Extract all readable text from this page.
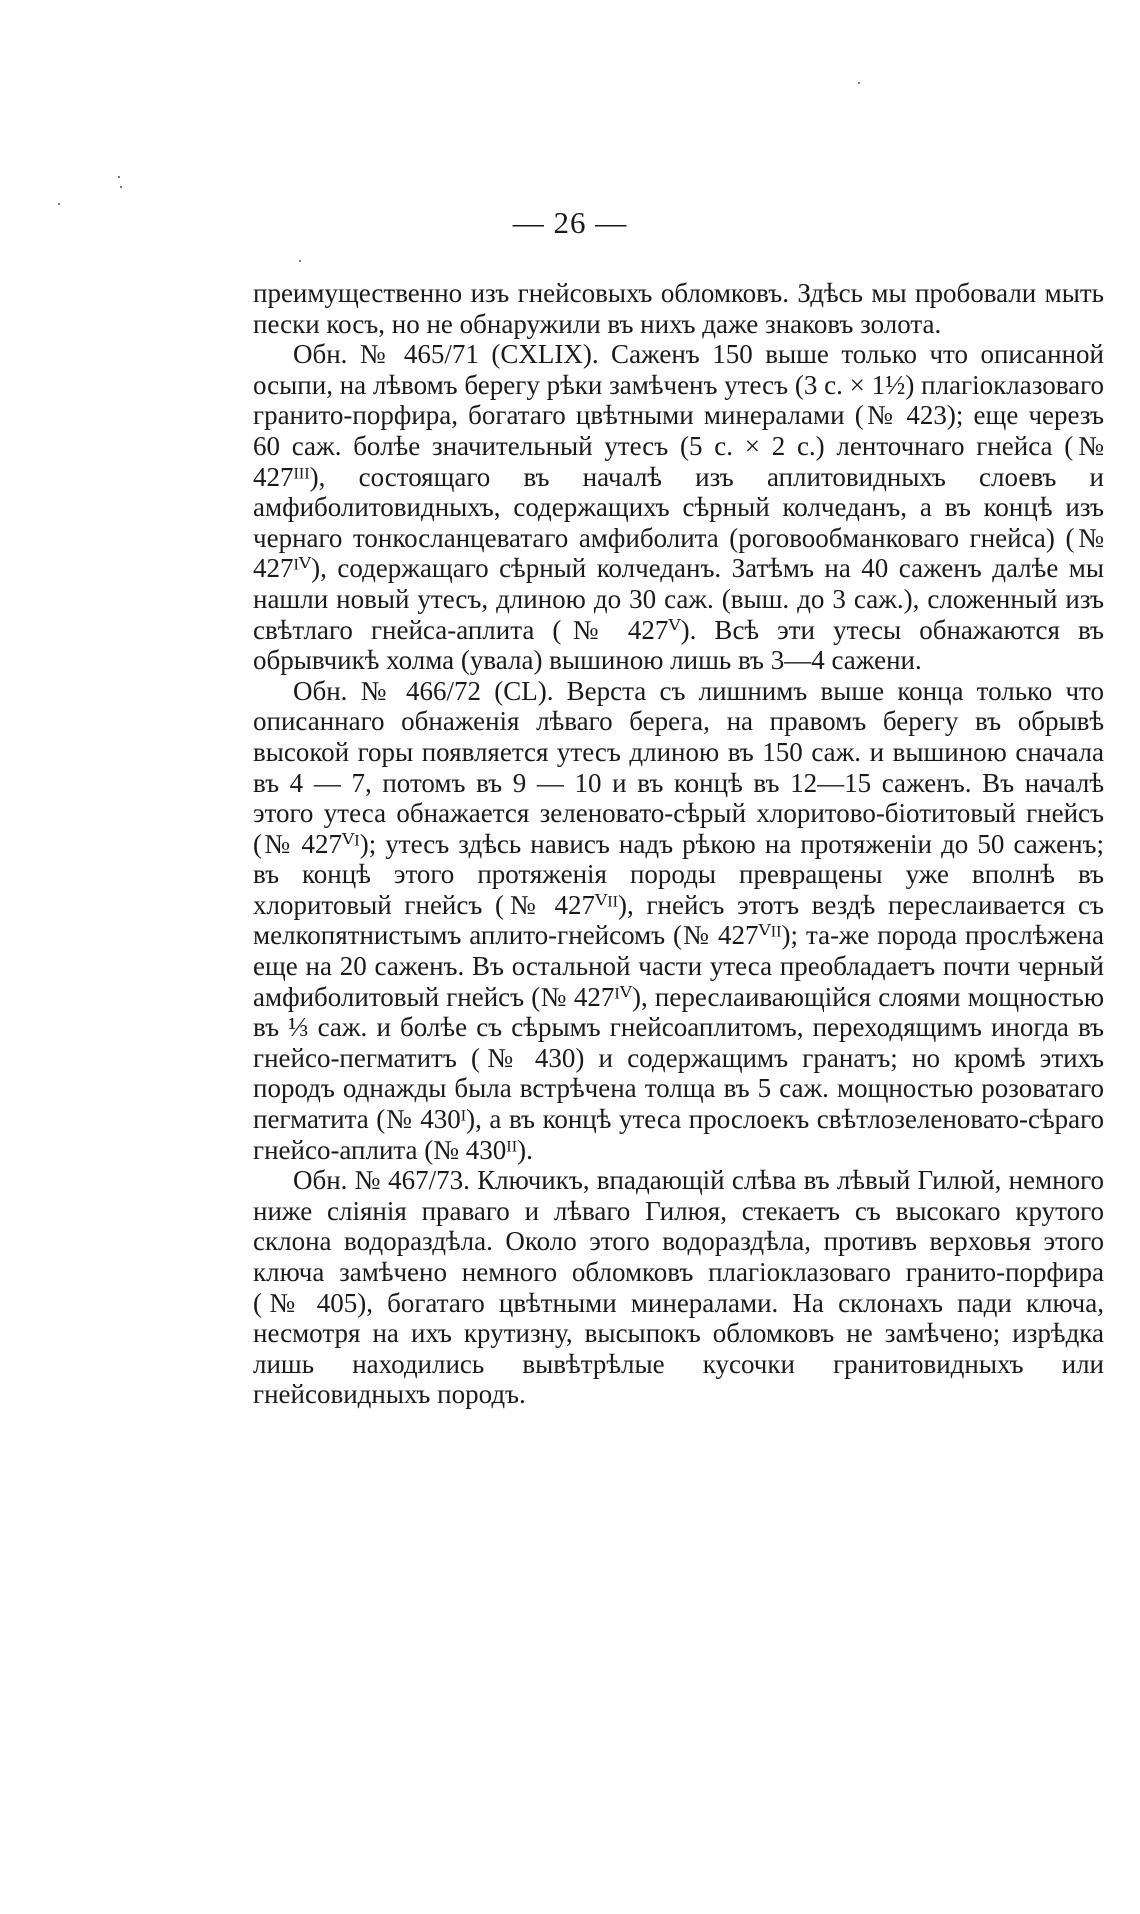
— 26 —

преимущественно изъ гнейсовыхъ обломковъ. Здѣсь мы пробовали мыть пески косъ, но не обнаружили въ нихъ даже знаковъ золота.

Обн. № 465/71 (CXLIX). Саженъ 150 выше только что описанной осыпи, на лѣвомъ берегу рѣки замѣченъ утесъ (3 с. × 1½) плагіоклазоваго гранито-порфира, богатаго цвѣтными минералами (№ 423); еще черезъ 60 саж. болѣе значительный утесъ (5 с. × 2 с.) ленточнаго гнейса (№ 427ᴵᴵᴵ), состоящаго въ началѣ изъ аплитовидныхъ слоевъ и амфиболитовидныхъ, содержащихъ сѣрный колчеданъ, а въ концѣ изъ чернаго тонкосланцеватаго амфиболита (роговообманковаго гнейса) (№ 427ᴵⱽ), содержащаго сѣрный колчеданъ. Затѣмъ на 40 саженъ далѣе мы нашли новый утесъ, длиною до 30 саж. (выш. до 3 саж.), сложенный изъ свѣтлаго гнейса-аплита (№ 427ⱽ). Всѣ эти утесы обнажаются въ обрывчикѣ холма (увала) вышиною лишь въ 3—4 сажени.

Обн. № 466/72 (CL). Верста съ лишнимъ выше конца только что описаннаго обнаженія лѣваго берега, на правомъ берегу въ обрывѣ высокой горы появляется утесъ длиною въ 150 саж. и вышиною сначала въ 4 — 7, потомъ въ 9 — 10 и въ концѣ въ 12—15 саженъ. Въ началѣ этого утеса обнажается зеленовато-сѣрый хлоритово-біотитовый гнейсъ (№ 427ⱽᴵ); утесъ здѣсь нависъ надъ рѣкою на протяженіи до 50 саженъ; въ концѣ этого протяженія породы превращены уже вполнѣ въ хлоритовый гнейсъ (№ 427ⱽᴵᴵ), гнейсъ этотъ вездѣ переслаивается съ мелкопятнистымъ аплито-гнейсомъ (№ 427ⱽᴵᴵ); та-же порода прослѣжена еще на 20 саженъ. Въ остальной части утеса преобладаетъ почти черный амфиболитовый гнейсъ (№ 427ᴵⱽ), переслаивающійся слоями мощностью въ ⅓ саж. и болѣе съ сѣрымъ гнейсоаплитомъ, переходящимъ иногда въ гнейсо-пегматитъ (№ 430) и содержащимъ гранатъ; но кромѣ этихъ породъ однажды была встрѣчена толща въ 5 саж. мощностью розоватаго пегматита (№ 430ᴵ), а въ концѣ утеса прослоекъ свѣтлозеленовато-сѣраго гнейсо-аплита (№ 430ᴵᴵ).

Обн. № 467/73. Ключикъ, впадающій слѣва въ лѣвый Гилюй, немного ниже сліянія праваго и лѣваго Гилюя, стекаетъ съ высокаго крутого склона водораздѣла. Около этого водораздѣла, противъ верховья этого ключа замѣчено немного обломковъ плагіоклазоваго гранито-порфира (№ 405), богатаго цвѣтными минералами. На склонахъ пади ключа, несмотря на ихъ крутизну, высыпокъ обломковъ не замѣчено; изрѣдка лишь находились вывѣтрѣлые кусочки гранитовидныхъ или гнейсовидныхъ породъ.
